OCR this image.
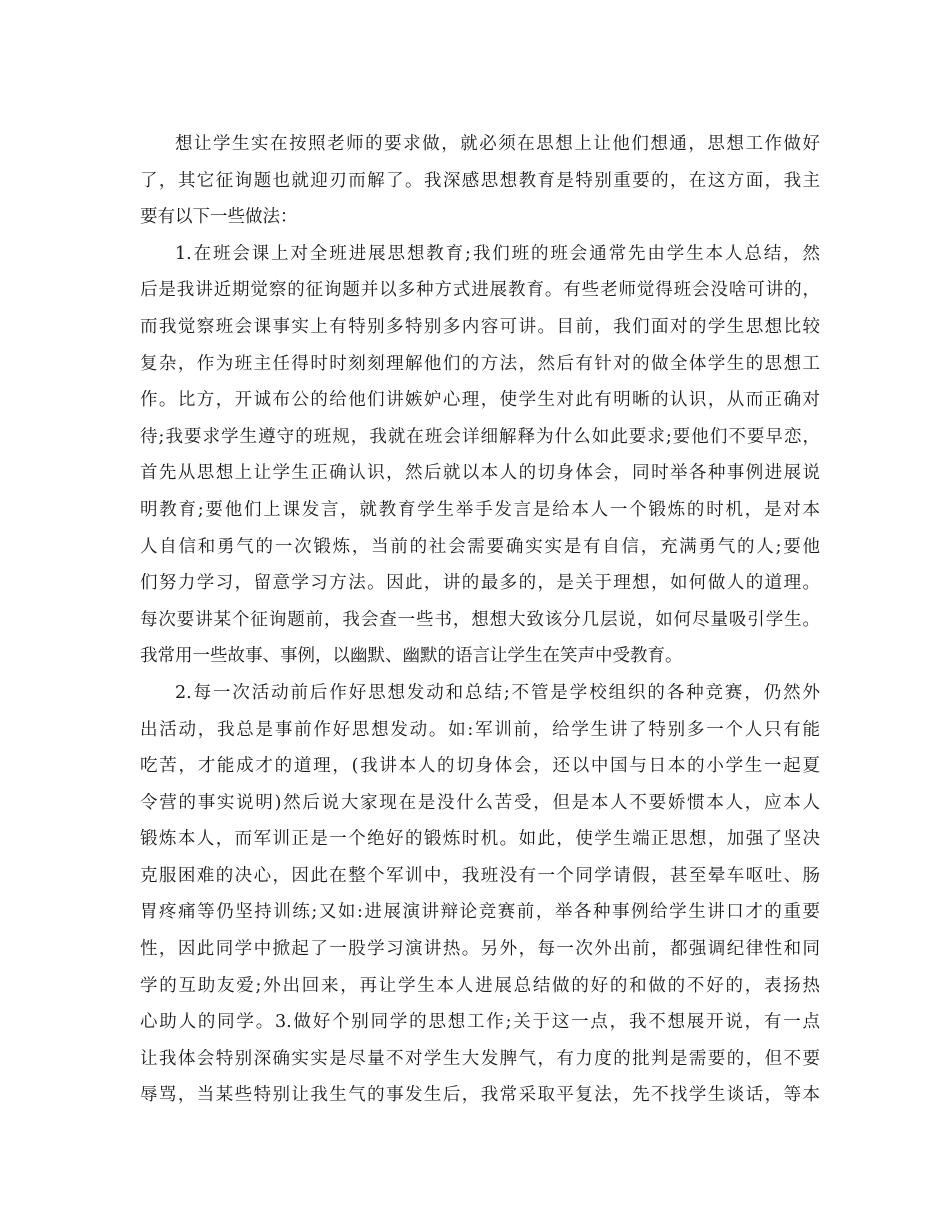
想让学生实在按照老师的要求做，就必须在思想上让他们想通，思想工作做好
了，其它征询题也就迎刃而解了。我深感思想教育是特别重要的，在这方面，我主
要有以下一些做法：
1.在班会课上对全班进展思想教育;我们班的班会通常先由学生本人总结，然
后是我讲近期觉察的征询题并以多种方式进展教育。有些老师觉得班会没啥可讲的，
而我觉察班会课事实上有特别多特别多内容可讲。目前，我们面对的学生思想比较
复杂，作为班主任得时时刻刻理解他们的方法，然后有针对的做全体学生的思想工
作。比方，开诚布公的给他们讲嫉妒心理，使学生对此有明晰的认识，从而正确对
待;我要求学生遵守的班规，我就在班会详细解释为什么如此要求;要他们不要早恋，
首先从思想上让学生正确认识，然后就以本人的切身体会，同时举各种事例进展说
明教育;要他们上课发言，就教育学生举手发言是给本人一个锻炼的时机，是对本
人自信和勇气的一次锻炼，当前的社会需要确实实是有自信，充满勇气的人;要他
们努力学习，留意学习方法。因此，讲的最多的，是关于理想，如何做人的道理。
每次要讲某个征询题前，我会查一些书，想想大致该分几层说，如何尽量吸引学生。
我常用一些故事、事例，以幽默、幽默的语言让学生在笑声中受教育。
2.每一次活动前后作好思想发动和总结;不管是学校组织的各种竞赛，仍然外
出活动，我总是事前作好思想发动。如:军训前，给学生讲了特别多一个人只有能
吃苦，才能成才的道理，(我讲本人的切身体会，还以中国与日本的小学生一起夏
令营的事实说明)然后说大家现在是没什么苦受，但是本人不要娇惯本人，应本人
锻炼本人，而军训正是一个绝好的锻炼时机。如此，使学生端正思想，加强了坚决
克服困难的决心，因此在整个军训中，我班没有一个同学请假，甚至晕车呕吐、肠
胃疼痛等仍坚持训练;又如:进展演讲辩论竞赛前，举各种事例给学生讲口才的重要
性，因此同学中掀起了一股学习演讲热。另外，每一次外出前，都强调纪律性和同
学的互助友爱;外出回来，再让学生本人进展总结做的好的和做的不好的，表扬热
心助人的同学。3.做好个别同学的思想工作;关于这一点，我不想展开说，有一点
让我体会特别深确实实是尽量不对学生大发脾气，有力度的批判是需要的，但不要
辱骂，当某些特别让我生气的事发生后，我常采取平复法，先不找学生谈话，等本
